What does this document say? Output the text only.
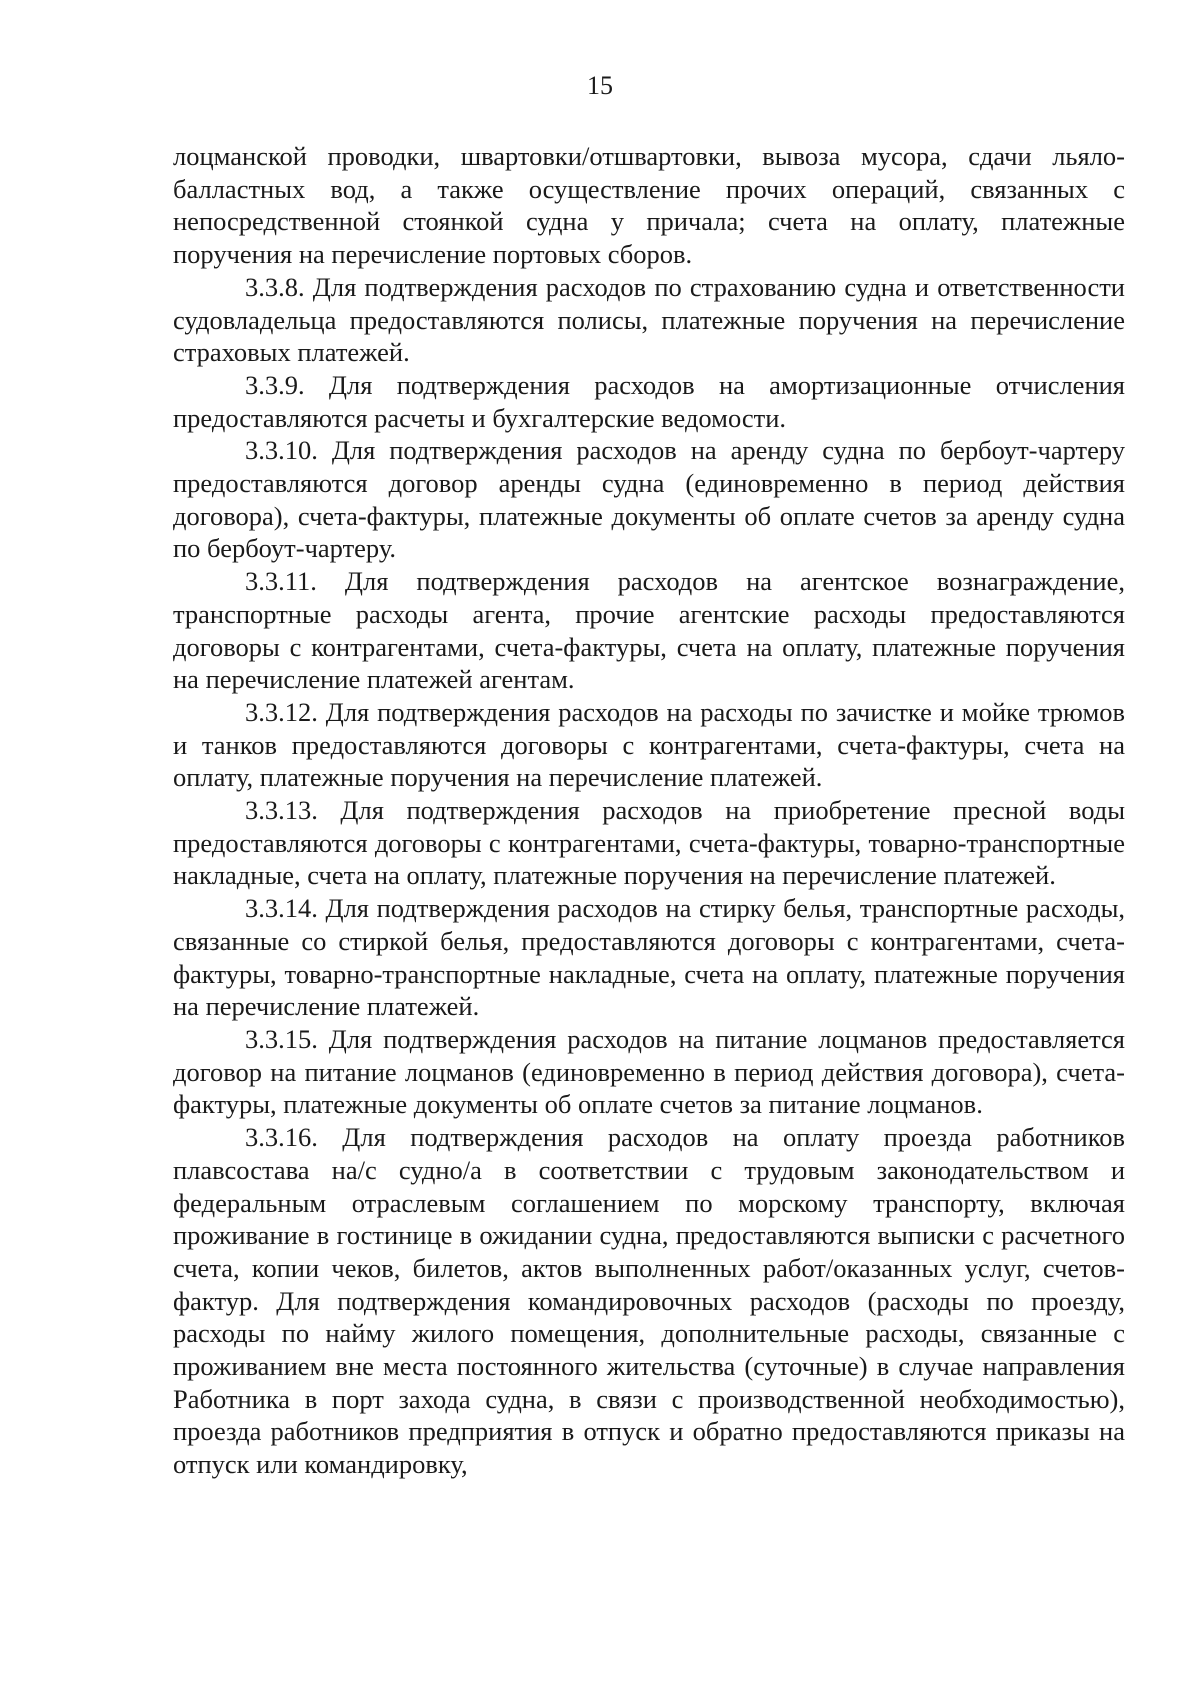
15

лоцманской проводки, швартовки/отшвартовки, вывоза мусора, сдачи льяло-балластных вод, а также осуществление прочих операций, связанных с непосредственной стоянкой судна у причала; счета на оплату, платежные поручения на перечисление портовых сборов.

3.3.8. Для подтверждения расходов по страхованию судна и ответственности судовладельца предоставляются полисы, платежные поручения на перечисление страховых платежей.

3.3.9. Для подтверждения расходов на амортизационные отчисления предоставляются расчеты и бухгалтерские ведомости.

3.3.10. Для подтверждения расходов на аренду судна по бербоут-чартеру предоставляются договор аренды судна (единовременно в период действия договора), счета-фактуры, платежные документы об оплате счетов за аренду судна по бербоут-чартеру.

3.3.11. Для подтверждения расходов на агентское вознаграждение, транспортные расходы агента, прочие агентские расходы предоставляются договоры с контрагентами, счета-фактуры, счета на оплату, платежные поручения на перечисление платежей агентам.

3.3.12. Для подтверждения расходов на расходы по зачистке и мойке трюмов и танков предоставляются договоры с контрагентами, счета-фактуры, счета на оплату, платежные поручения на перечисление платежей.

3.3.13. Для подтверждения расходов на приобретение пресной воды предоставляются договоры с контрагентами, счета-фактуры, товарно-транспортные накладные, счета на оплату, платежные поручения на перечисление платежей.

3.3.14. Для подтверждения расходов на стирку белья, транспортные расходы, связанные со стиркой белья, предоставляются договоры с контрагентами, счета-фактуры, товарно-транспортные накладные, счета на оплату, платежные поручения на перечисление платежей.

3.3.15. Для подтверждения расходов на питание лоцманов предоставляется договор на питание лоцманов (единовременно в период действия договора), счета-фактуры, платежные документы об оплате счетов за питание лоцманов.

3.3.16. Для подтверждения расходов на оплату проезда работников плавсостава на/с судно/а в соответствии с трудовым законодательством и федеральным отраслевым соглашением по морскому транспорту, включая проживание в гостинице в ожидании судна, предоставляются выписки с расчетного счета, копии чеков, билетов, актов выполненных работ/оказанных услуг, счетов-фактур. Для подтверждения командировочных расходов (расходы по проезду, расходы по найму жилого помещения, дополнительные расходы, связанные с проживанием вне места постоянного жительства (суточные) в случае направления Работника в порт захода судна, в связи с производственной необходимостью), проезда работников предприятия в отпуск и обратно предоставляются приказы на отпуск или командировку,
